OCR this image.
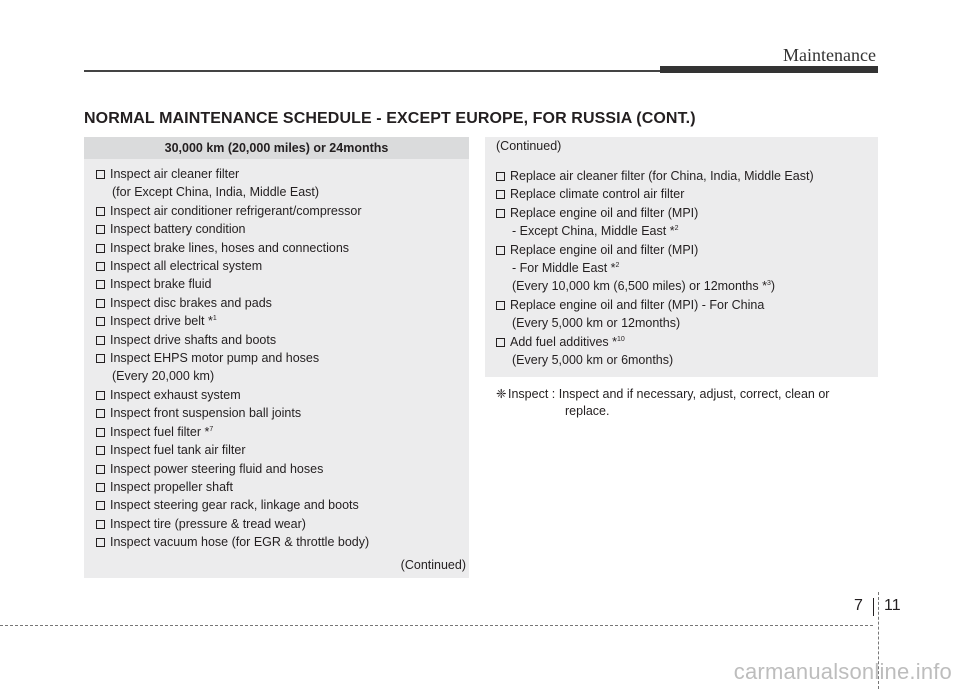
Maintenance
NORMAL MAINTENANCE SCHEDULE - EXCEPT EUROPE, FOR RUSSIA (CONT.)
30,000 km (20,000 miles) or 24months
Inspect air cleaner filter
(for Except China, India, Middle East)
Inspect air conditioner refrigerant/compressor
Inspect battery condition
Inspect brake lines, hoses and connections
Inspect all electrical system
Inspect brake fluid
Inspect disc brakes and pads
Inspect drive belt *$^1$
Inspect drive shafts and boots
Inspect EHPS motor pump and hoses
(Every 20,000 km)
Inspect exhaust system
Inspect front suspension ball joints
Inspect fuel filter *$^7$
Inspect fuel tank air filter
Inspect power steering fluid and hoses
Inspect propeller shaft
Inspect steering gear rack, linkage and boots
Inspect tire (pressure & tread wear)
Inspect vacuum hose (for EGR & throttle body)
(Continued)
(Continued)
Replace air cleaner filter (for China, India, Middle East)
Replace climate control air filter
Replace engine oil and filter (MPI)
- Except China, Middle East *$^2$
Replace engine oil and filter (MPI)
- For Middle East *$^2$
(Every 10,000 km (6,500 miles) or 12months *$^3$)
Replace engine oil and filter (MPI) - For China
(Every 5,000 km or 12months)
Add fuel additives *$^{10}$
(Every 5,000 km or 6months)
❈ Inspect : Inspect and if necessary, adjust, correct, clean or
replace.
7 11
carmanualsonline.info
